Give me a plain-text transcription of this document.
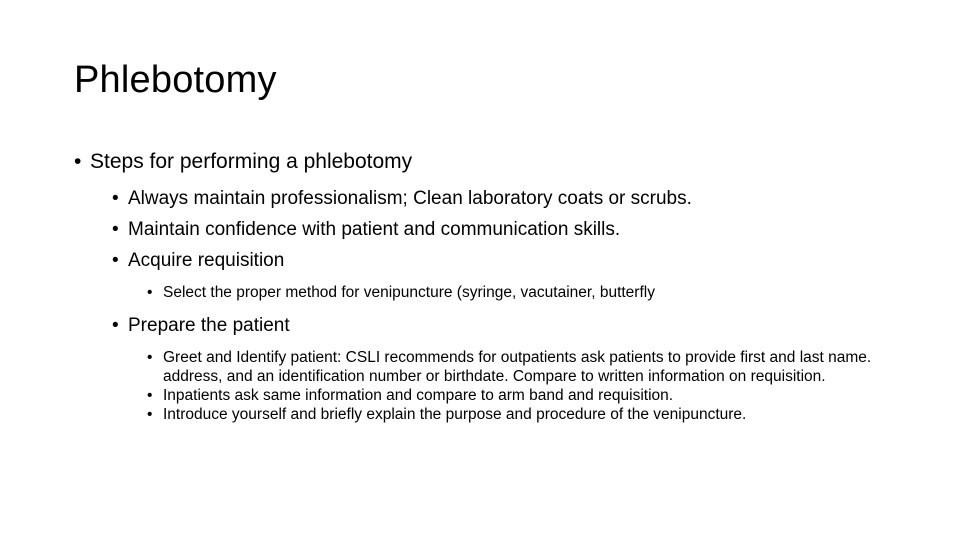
Phlebotomy
• Steps for performing a phlebotomy
• Always maintain professionalism; Clean laboratory coats or scrubs.
• Maintain confidence with patient and communication skills.
• Acquire requisition
• Select the proper method for venipuncture (syringe, vacutainer, butterfly
• Prepare the patient
• Greet and Identify patient: CSLI recommends for outpatients ask patients to provide first and last name. address, and an identification number or birthdate. Compare to written information on requisition.
• Inpatients ask same information and compare to arm band and requisition.
• Introduce yourself and briefly explain the purpose and procedure of the venipuncture.
